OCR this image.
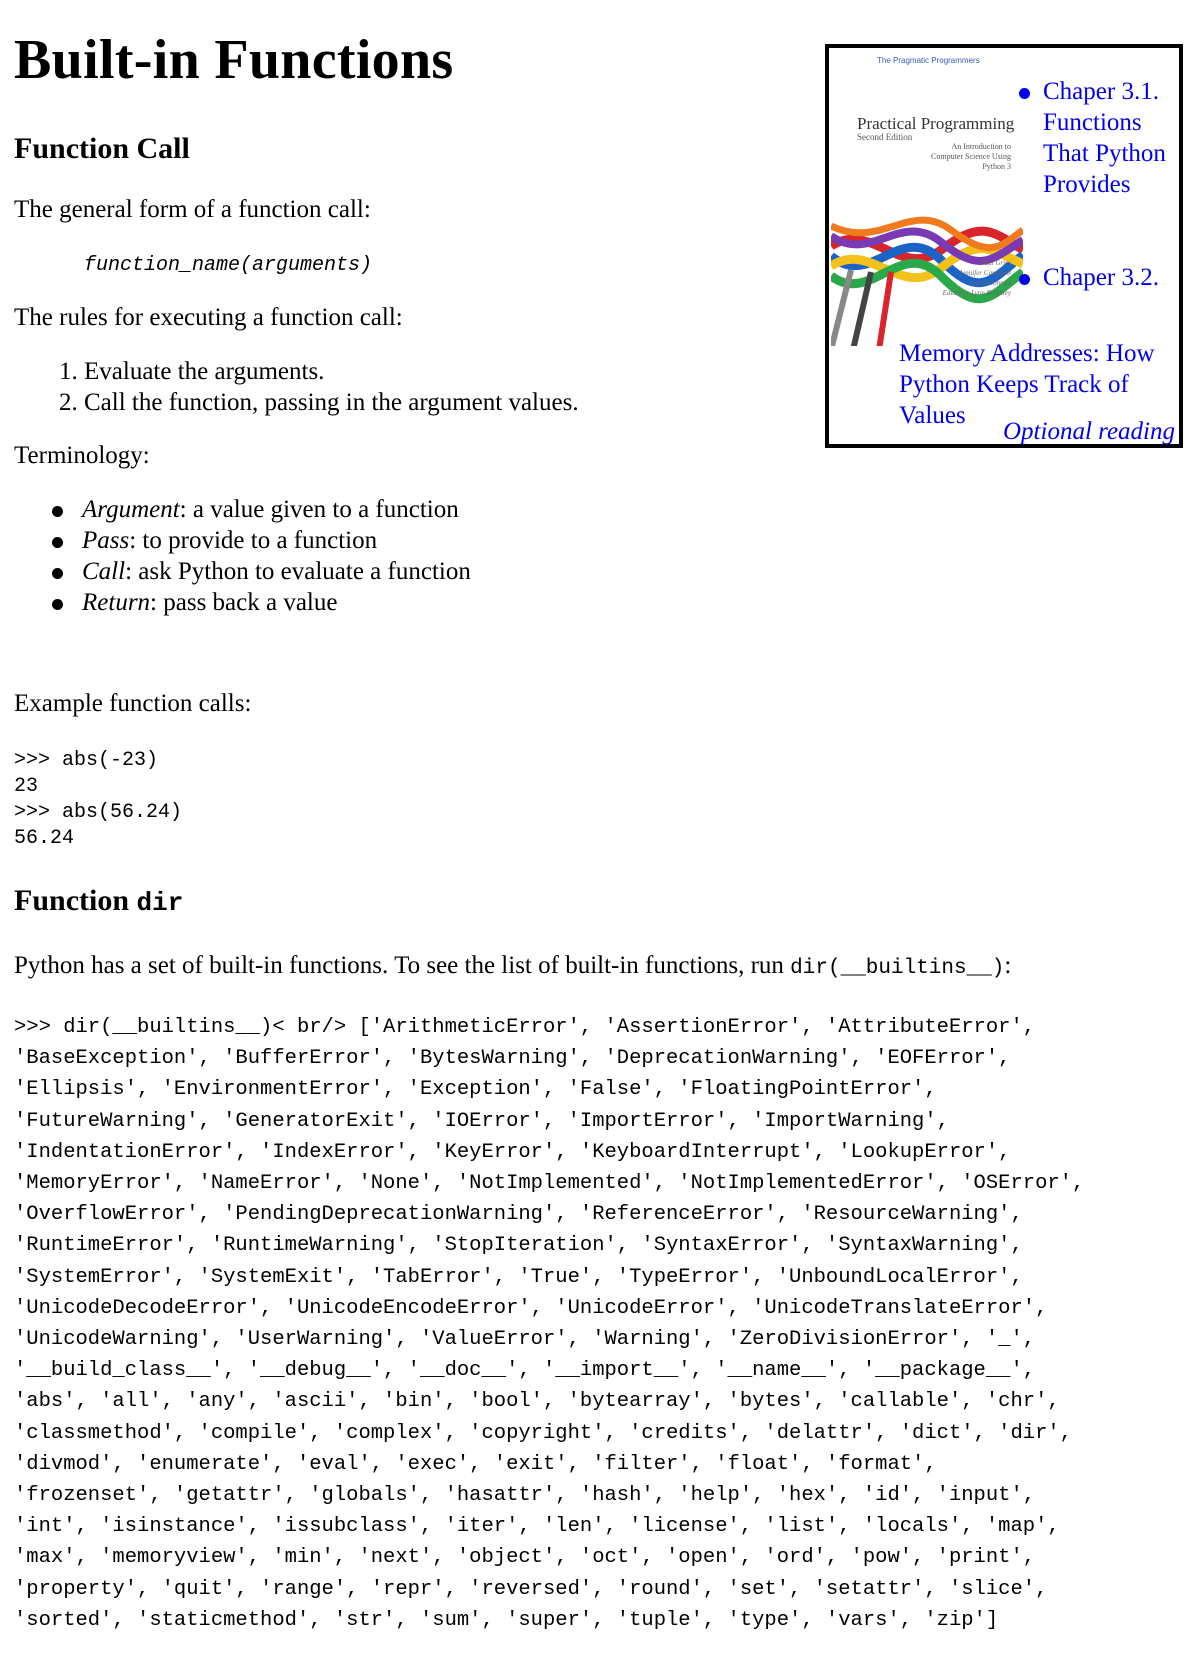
Built-in Functions
Function Call

The general form of a function call:

function_name(arguments)

The rules for executing a function call:

1. Evaluate the arguments.
2. Call the function, passing in the argument values.

Terminology:

Argument: a value given to a function
Pass: to provide to a function
Call: ask Python to evaluate a function
Return: pass back a value

Example function calls:

>>> abs(-23)
23
>>> abs(56.24)
56.24
Function dir

Python has a set of built-in functions. To see the list of built-in functions, run dir(__builtins__):

>>> dir(__builtins__)< br/> ['ArithmeticError', 'AssertionError', 'AttributeError',
'BaseException', 'BufferError', 'BytesWarning', 'DeprecationWarning', 'EOFError',
'Ellipsis', 'EnvironmentError', 'Exception', 'False', 'FloatingPointError',
'FutureWarning', 'GeneratorExit', 'IOError', 'ImportError', 'ImportWarning',
'IndentationError', 'IndexError', 'KeyError', 'KeyboardInterrupt', 'LookupError',
'MemoryError', 'NameError', 'None', 'NotImplemented', 'NotImplementedError', 'OSError',
'OverflowError', 'PendingDeprecationWarning', 'ReferenceError', 'ResourceWarning',
'RuntimeError', 'RuntimeWarning', 'StopIteration', 'SyntaxError', 'SyntaxWarning',
'SystemError', 'SystemExit', 'TabError', 'True', 'TypeError', 'UnboundLocalError',
'UnicodeDecodeError', 'UnicodeEncodeError', 'UnicodeError', 'UnicodeTranslateError',
'UnicodeWarning', 'UserWarning', 'ValueError', 'Warning', 'ZeroDivisionError', '_',
'__build_class__', '__debug__', '__doc__', '__import__', '__name__', '__package__',
'abs', 'all', 'any', 'ascii', 'bin', 'bool', 'bytearray', 'bytes', 'callable', 'chr',
'classmethod', 'compile', 'complex', 'copyright', 'credits', 'delattr', 'dict', 'dir',
'divmod', 'enumerate', 'eval', 'exec', 'exit', 'filter', 'float', 'format',
'frozenset', 'getattr', 'globals', 'hasattr', 'hash', 'help', 'hex', 'id', 'input',
'int', 'isinstance', 'issubclass', 'iter', 'len', 'license', 'list', 'locals', 'map',
'max', 'memoryview', 'min', 'next', 'object', 'oct', 'open', 'ord', 'pow', 'print',
'property', 'quit', 'range', 'repr', 'reversed', 'round', 'set', 'setattr', 'slice',
'sorted', 'staticmethod', 'str', 'sum', 'super', 'tuple', 'type', 'vars', 'zip']
The Pragmatic Programmers
Practical Programming
Second Edition
An Introduction to Computer Science Using Python 3
Paul Gries
Jennifer Campbell
Jason Montojo
Edited by Lynn Beighley
Chaper 3.1. Functions That Python Provides
Chaper 3.2.
Memory Addresses: How Python Keeps Track of Values
Optional reading
